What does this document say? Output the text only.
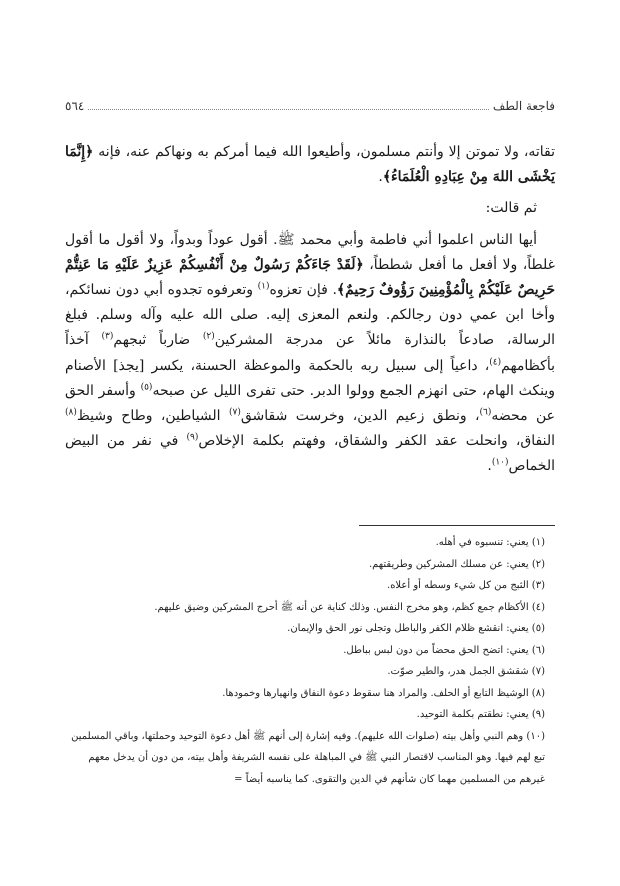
فاجعة الطف
٥٦٤

تقاته، ولا تموتن إلا وأنتم مسلمون، وأطيعوا الله فيما أمركم به ونهاكم عنه، فإنه ﴿إِنَّمَا يَخْشَى اللهَ مِنْ عِبَادِهِ الْعُلَمَاءُ﴾.

ثم قالت:

أيها الناس اعلموا أني فاطمة وأبي محمد ﷺ. أقول عوداً وبدواً، ولا أقول ما أقول غلطاً، ولا أفعل ما أفعل شططاً، ﴿لَقَدْ جَاءَكُمْ رَسُولٌ مِنْ أَنْفُسِكُمْ عَزِيزٌ عَلَيْهِ مَا عَنِتُّمْ حَرِيصٌ عَلَيْكُمْ بِالْمُؤْمِنِينَ رَؤُوفٌ رَحِيمٌ﴾. فإن تعزوه$^{(١)}$ وتعرفوه تجدوه أبي دون نسائكم، وأخا ابن عمي دون رجالكم. ولنعم المعزى إليه. صلى الله عليه وآله وسلم. فبلغ الرسالة، صادعاً بالنذارة مائلاً عن مدرجة المشركين$^{(٢)}$ ضارباً ثبجهم$^{(٣)}$ آخذاً بأكظامهم$^{(٤)}$، داعياً إلى سبيل ربه بالحكمة والموعظة الحسنة، يكسر [يجذ] الأصنام وينكث الهام، حتى انهزم الجمع وولوا الدبر. حتى تفرى الليل عن صبحه$^{(٥)}$ وأسفر الحق عن محضه$^{(٦)}$، ونطق زعيم الدين، وخرست شقاشق$^{(٧)}$ الشياطين، وطاح وشيظ$^{(٨)}$ النفاق، وانحلت عقد الكفر والشقاق، وفهتم بكلمة الإخلاص$^{(٩)}$ في نفر من البيض الخماص$^{(١٠)}$.

(١) يعني: تنسبوه في أهله.

(٢) يعني: عن مسلك المشركين وطريقتهم.

(٣) الثبج من كل شيء وسطه أو أعلاه.

(٤) الأكظام جمع كظم، وهو مخرج النفس. وذلك كناية عن أنه ﷺ أحرج المشركين وضيق عليهم.

(٥) يعني: انقشع ظلام الكفر والباطل وتجلى نور الحق والإيمان.

(٦) يعني: اتضح الحق محضاً من دون لبس بباطل.

(٧) شقشق الجمل هدر، والطير صوّت.

(٨) الوشيظ التابع أو الحلف. والمراد هنا سقوط دعوة النفاق وانهيارها وخمودها.

(٩) يعني: نطقتم بكلمة التوحيد.

(١٠) وهم النبي وأهل بيته (صلوات الله عليهم). وفيه إشارة إلى أنهم ﷺ أهل دعوة التوحيد وحملتها، وباقي المسلمين تبع لهم فيها. وهو المناسب لاقتصار النبي ﷺ في المباهلة على نفسه الشريفة وأهل بيته، من دون أن يدخل معهم غيرهم من المسلمين مهما كان شأنهم في الدين والتقوى. كما يناسبه أيضاً =
